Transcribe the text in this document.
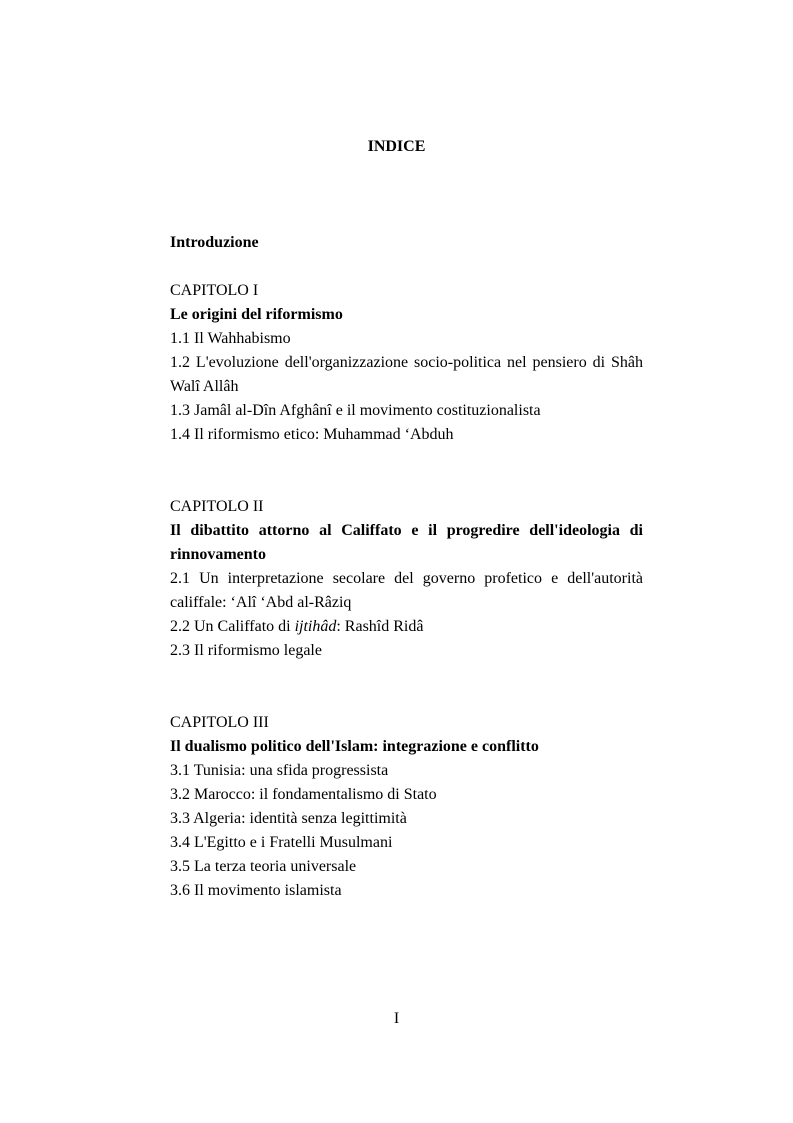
INDICE
Introduzione
CAPITOLO I
Le origini del riformismo
1.1 Il Wahhabismo
1.2 L'evoluzione dell'organizzazione socio-politica nel pensiero di Shâh Walî Allâh
1.3 Jamâl al-Dîn Afghânî e il movimento costituzionalista
1.4 Il riformismo etico: Muhammad ‘Abduh
CAPITOLO II
Il dibattito attorno al Califfato e il progredire dell'ideologia di rinnovamento
2.1 Un interpretazione secolare del governo profetico e dell'autorità califfale: ‘Alî ‘Abd al-Râziq
2.2 Un Califfato di ijtihâd: Rashîd Ridâ
2.3 Il riformismo legale
CAPITOLO III
Il dualismo politico dell'Islam: integrazione e conflitto
3.1 Tunisia: una sfida progressista
3.2 Marocco: il fondamentalismo di Stato
3.3 Algeria: identità senza legittimità
3.4 L'Egitto e i Fratelli Musulmani
3.5 La terza teoria universale
3.6 Il movimento islamista
I
